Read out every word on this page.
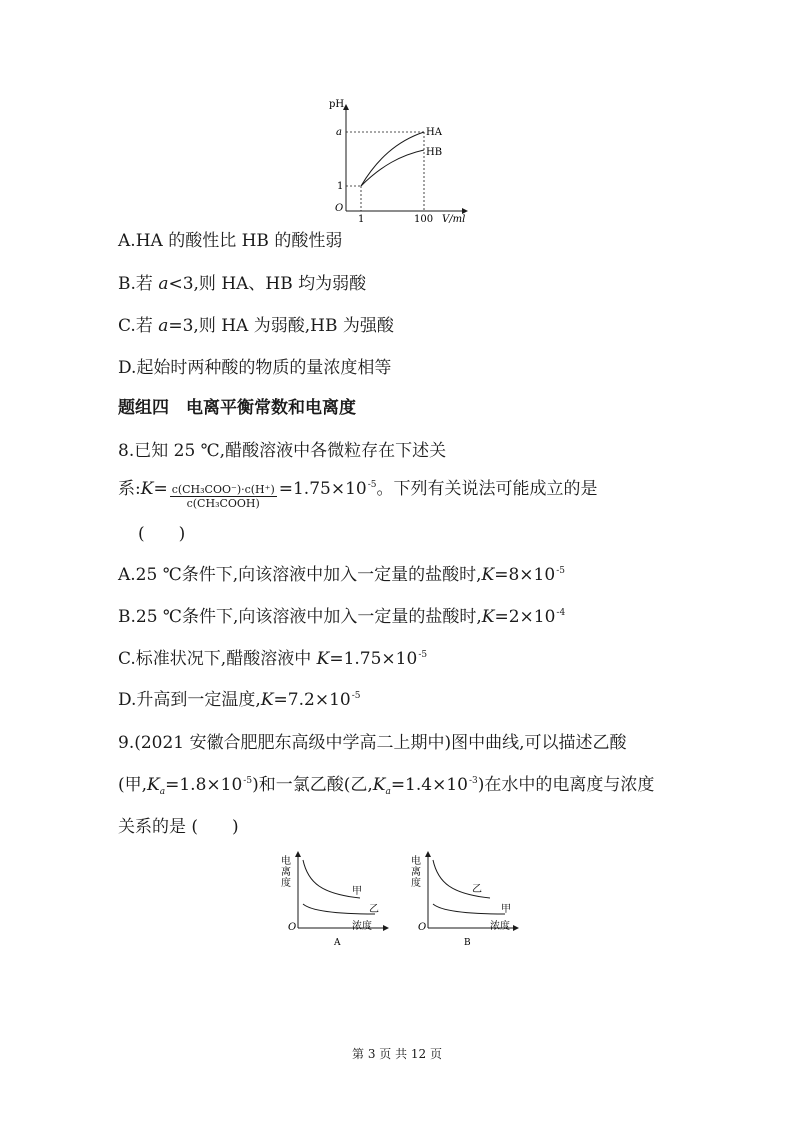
pH
a
1
O
1	100 V/ml
HA
HB
A.HA 的酸性比 HB 的酸性弱
B.若 a<3,则 HA、HB 均为弱酸
C.若 a=3,则 HA 为弱酸,HB 为强酸
D.起始时两种酸的物质的量浓度相等
题组四　电离平衡常数和电离度
8.已知 25 ℃,醋酸溶液中各微粒存在下述关
系:K= $\frac{\text{c(CH₃COO⁻)·c(H⁺)}}{\text{c(CH₃COOH)}} =1.75\times 10^{-5}$。下列有关说法可能成立的是
(　　)
A.25 ℃条件下,向该溶液中加入一定量的盐酸时$,K=8\times 10^{-5}$
B.25 ℃条件下,向该溶液中加入一定量的盐酸时$,K=2\times 10^{-4}$
C.标准状况下,醋酸溶液中 $K=1.75\times 10^{-5}$
D.升高到一定温度$,K=7.2\times 10^{-5}$
9.(2021 安徽合肥肥东高级中学高二上期中)图中曲线,可以描述乙酸
(甲$,K_a=1.8\times 10^{-5}$)和一氯乙酸(乙$,K_a=1.4\times 10^{-3}$)在水中的电离度与浓度
关系的是 (　　)
电
离
度
甲
乙
O	浓度
A
电
离
度
乙
甲
O	浓度
B
第 3 页 共 12 页
